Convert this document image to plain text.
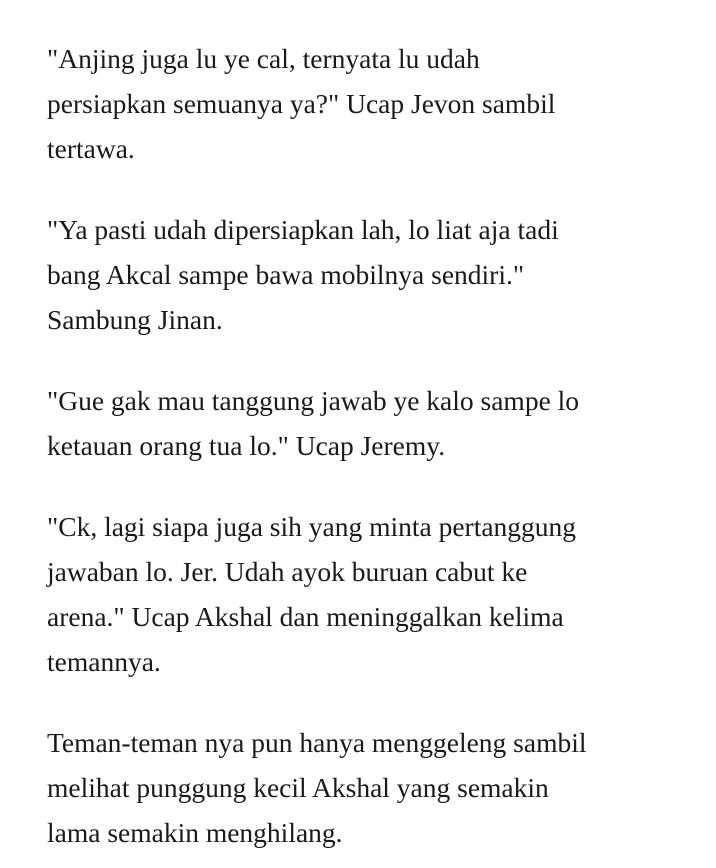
"Anjing juga lu ye cal, ternyata lu udah
persiapkan semuanya ya?" Ucap Jevon sambil
tertawa.

"Ya pasti udah dipersiapkan lah, lo liat aja tadi
bang Akcal sampe bawa mobilnya sendiri."
Sambung Jinan.

"Gue gak mau tanggung jawab ye kalo sampe lo
ketauan orang tua lo." Ucap Jeremy.

"Ck, lagi siapa juga sih yang minta pertanggung
jawaban lo. Jer. Udah ayok buruan cabut ke
arena." Ucap Akshal dan meninggalkan kelima
temannya.

Teman-teman nya pun hanya menggeleng sambil
melihat punggung kecil Akshal yang semakin
lama semakin menghilang.
